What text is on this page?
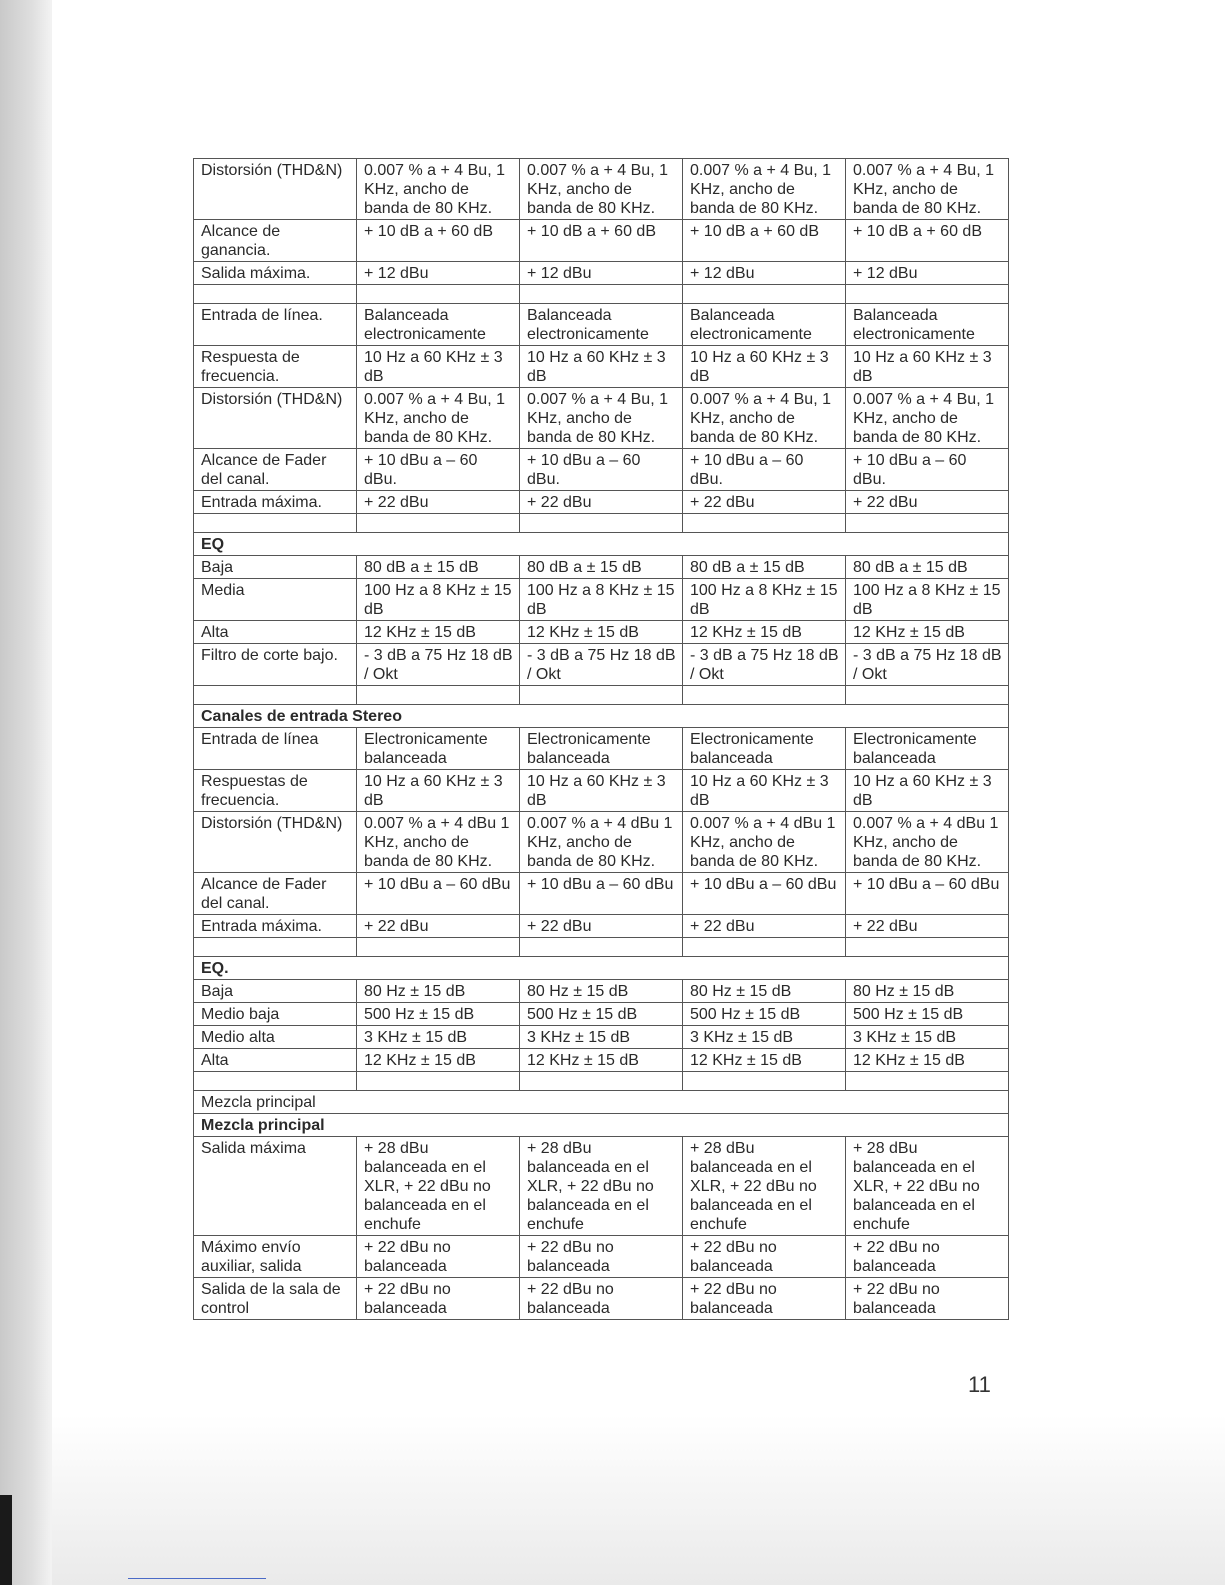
Distorsión (THD&N)	0.007 % a + 4 Bu, 1 KHz, ancho de banda de 80 KHz.	0.007 % a + 4 Bu, 1 KHz, ancho de banda de 80 KHz.	0.007 % a + 4 Bu, 1 KHz, ancho de banda de 80 KHz.	0.007 % a + 4 Bu, 1 KHz, ancho de banda de 80 KHz.
Alcance de ganancia.	+ 10 dB a + 60 dB	+ 10 dB a + 60 dB	+ 10 dB a + 60 dB	+ 10 dB a + 60 dB
Salida máxima.	+ 12 dBu	+ 12 dBu	+ 12 dBu	+ 12 dBu

Entrada de línea.	Balanceada electronicamente	Balanceada electronicamente	Balanceada electronicamente	Balanceada electronicamente
Respuesta de frecuencia.	10 Hz a 60 KHz ± 3 dB	10 Hz a 60 KHz ± 3 dB	10 Hz a 60 KHz ± 3 dB	10 Hz a 60 KHz ± 3 dB
Distorsión (THD&N)	0.007 % a + 4 Bu, 1 KHz, ancho de banda de 80 KHz.	0.007 % a + 4 Bu, 1 KHz, ancho de banda de 80 KHz.	0.007 % a + 4 Bu, 1 KHz, ancho de banda de 80 KHz.	0.007 % a + 4 Bu, 1 KHz, ancho de banda de 80 KHz.
Alcance de Fader del canal.	+ 10 dBu a – 60 dBu.	+ 10 dBu a – 60 dBu.	+ 10 dBu a – 60 dBu.	+ 10 dBu a – 60 dBu.
Entrada máxima.	+ 22 dBu	+ 22 dBu	+ 22 dBu	+ 22 dBu

EQ				
Baja	80 dB a ± 15 dB	80 dB a ± 15 dB	80 dB a ± 15 dB	80 dB a ± 15 dB
Media	100 Hz a 8 KHz ± 15 dB	100 Hz a 8 KHz ± 15 dB	100 Hz a 8 KHz ± 15 dB	100 Hz a 8 KHz ± 15 dB
Alta	12 KHz ± 15 dB	12 KHz ± 15 dB	12 KHz ± 15 dB	12 KHz ± 15 dB
Filtro de corte bajo.	- 3 dB a 75 Hz 18 dB / Okt	- 3 dB a 75 Hz 18 dB / Okt	- 3 dB a 75 Hz 18 dB / Okt	- 3 dB a 75 Hz 18 dB / Okt

Canales de entrada Stereo				
Entrada de línea	Electronicamente balanceada	Electronicamente balanceada	Electronicamente balanceada	Electronicamente balanceada
Respuestas de frecuencia.	10 Hz a 60 KHz ± 3 dB	10 Hz a 60 KHz ± 3 dB	10 Hz a 60 KHz ± 3 dB	10 Hz a 60 KHz ± 3 dB
Distorsión (THD&N)	0.007 % a + 4 dBu 1 KHz, ancho de banda de 80 KHz.	0.007 % a + 4 dBu 1 KHz, ancho de banda de 80 KHz.	0.007 % a + 4 dBu 1 KHz, ancho de banda de 80 KHz.	0.007 % a + 4 dBu 1 KHz, ancho de banda de 80 KHz.
Alcance de Fader del canal.	+ 10 dBu a – 60 dBu	+ 10 dBu a – 60 dBu	+ 10 dBu a – 60 dBu	+ 10 dBu a – 60 dBu
Entrada máxima.	+ 22 dBu	+ 22 dBu	+ 22 dBu	+ 22 dBu

EQ.				
Baja	80 Hz ± 15 dB	80 Hz ± 15 dB	80 Hz ± 15 dB	80 Hz ± 15 dB
Medio baja	500 Hz ± 15 dB	500 Hz ± 15 dB	500 Hz ± 15 dB	500 Hz ± 15 dB
Medio alta	3 KHz ± 15 dB	3 KHz ± 15 dB	3 KHz ± 15 dB	3 KHz ± 15 dB
Alta	12 KHz ± 15 dB	12 KHz ± 15 dB	12 KHz ± 15 dB	12 KHz ± 15 dB

Mezcla principal				
Mezcla principal				
Salida máxima	+ 28 dBu balanceada en el XLR, + 22 dBu no balanceada en el enchufe	+ 28 dBu balanceada en el XLR, + 22 dBu no balanceada en el enchufe	+ 28 dBu balanceada en el XLR, + 22 dBu no balanceada en el enchufe	+ 28 dBu balanceada en el XLR, + 22 dBu no balanceada en el enchufe
Máximo envío auxiliar, salida	+ 22 dBu no balanceada	+ 22 dBu no balanceada	+ 22 dBu no balanceada	+ 22 dBu no balanceada
Salida de la sala de control	+ 22 dBu no balanceada	+ 22 dBu no balanceada	+ 22 dBu no balanceada	+ 22 dBu no balanceada
11
